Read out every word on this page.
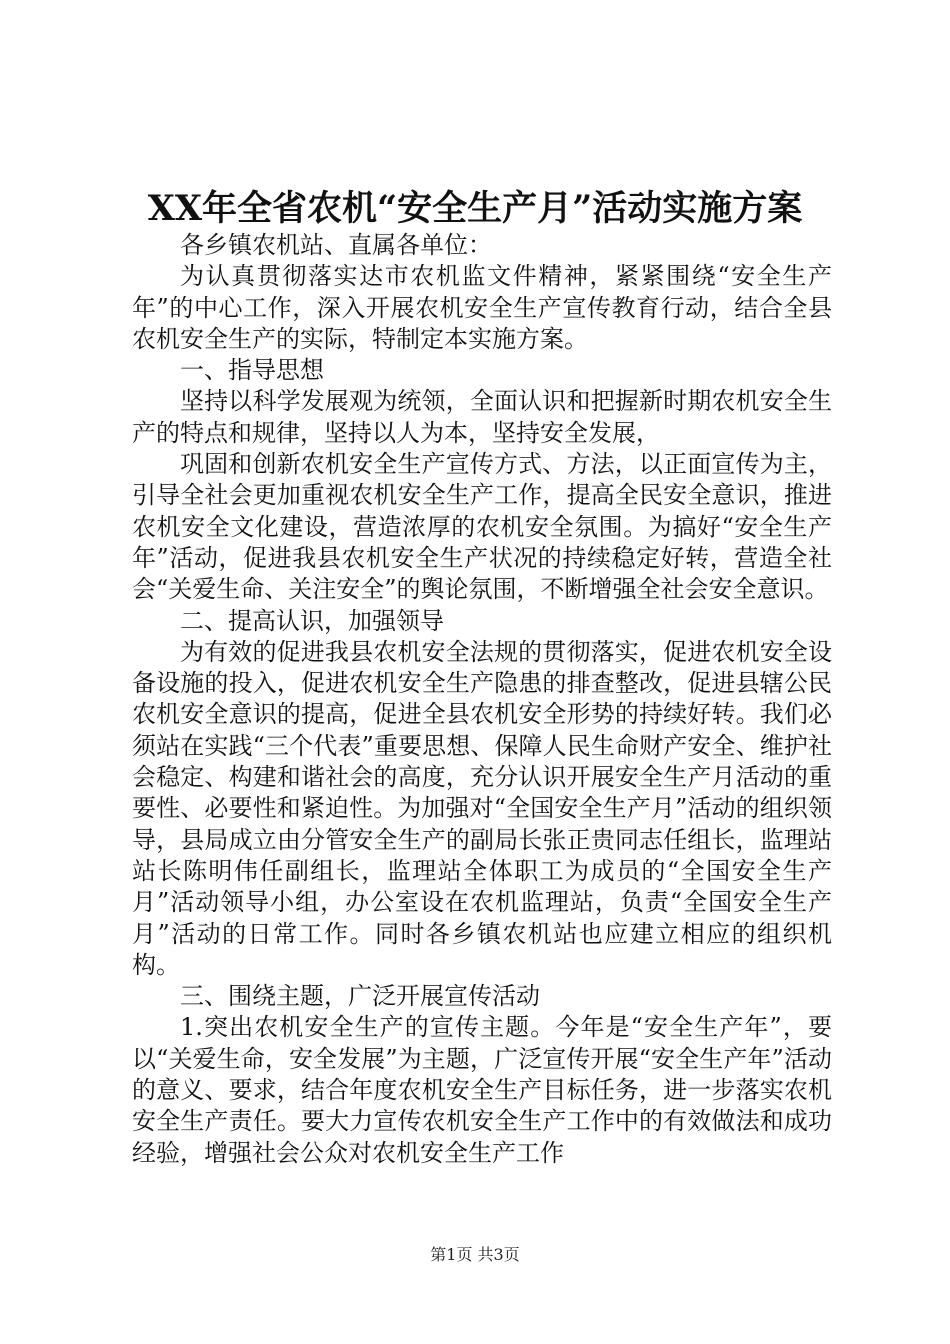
XX年全省农机“安全生产月”活动实施方案

各乡镇农机站、直属各单位：

为认真贯彻落实达市农机监文件精神，紧紧围绕“安全生产年”的中心工作，深入开展农机安全生产宣传教育行动，结合全县农机安全生产的实际，特制定本实施方案。

一、指导思想

坚持以科学发展观为统领，全面认识和把握新时期农机安全生产的特点和规律，坚持以人为本，坚持安全发展，

巩固和创新农机安全生产宣传方式、方法，以正面宣传为主，引导全社会更加重视农机安全生产工作，提高全民安全意识，推进农机安全文化建设，营造浓厚的农机安全氛围。为搞好“安全生产年”活动，促进我县农机安全生产状况的持续稳定好转，营造全社会“关爱生命、关注安全”的舆论氛围，不断增强全社会安全意识。

二、提高认识，加强领导

为有效的促进我县农机安全法规的贯彻落实，促进农机安全设备设施的投入，促进农机安全生产隐患的排查整改，促进县辖公民农机安全意识的提高，促进全县农机安全形势的持续好转。我们必须站在实践“三个代表”重要思想、保障人民生命财产安全、维护社会稳定、构建和谐社会的高度，充分认识开展安全生产月活动的重要性、必要性和紧迫性。为加强对“全国安全生产月”活动的组织领导，县局成立由分管安全生产的副局长张正贵同志任组长，监理站站长陈明伟任副组长，监理站全体职工为成员的“全国安全生产月”活动领导小组，办公室设在农机监理站，负责“全国安全生产月”活动的日常工作。同时各乡镇农机站也应建立相应的组织机构。

三、围绕主题，广泛开展宣传活动

1.突出农机安全生产的宣传主题。今年是“安全生产年”，要以“关爱生命，安全发展”为主题，广泛宣传开展“安全生产年”活动的意义、要求，结合年度农机安全生产目标任务，进一步落实农机安全生产责任。要大力宣传农机安全生产工作中的有效做法和成功经验，增强社会公众对农机安全生产工作

第1页 共3页
